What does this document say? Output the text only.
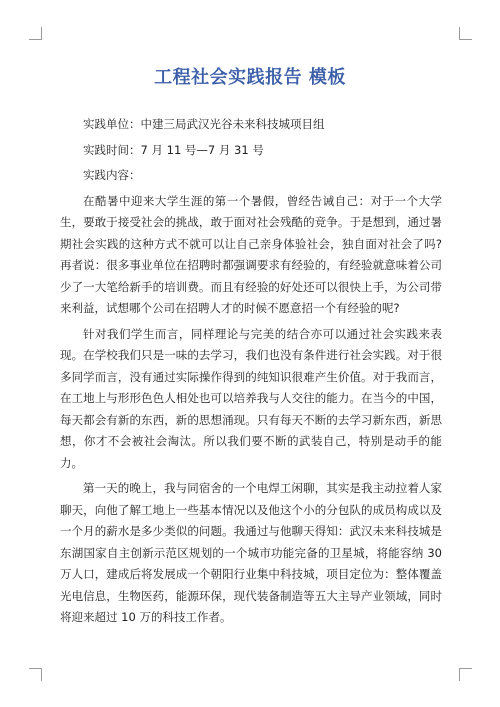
工程社会实践报告 模板

实践单位：中建三局武汉光谷未来科技城项目组

实践时间：7 月 11 号—7 月 31 号

实践内容：

在酷暑中迎来大学生涯的第一个暑假，曾经告诫自己：对于一个大学生，要敢于接受社会的挑战，敢于面对社会残酷的竞争。于是想到，通过暑期社会实践的这种方式不就可以让自己亲身体验社会，独自面对社会了吗?再者说：很多事业单位在招聘时都强调要求有经验的，有经验就意味着公司少了一大笔给新手的培训费。而且有经验的好处还可以很快上手，为公司带来利益，试想哪个公司在招聘人才的时候不愿意招一个有经验的呢?

针对我们学生而言，同样理论与完美的结合亦可以通过社会实践来表现。在学校我们只是一味的去学习，我们也没有条件进行社会实践。对于很多同学而言，没有通过实际操作得到的纯知识很难产生价值。对于我而言，在工地上与形形色色人相处也可以培养我与人交往的能力。在当今的中国，每天都会有新的东西，新的思想涌现。只有每天不断的去学习新东西，新思想，你才不会被社会淘汰。所以我们要不断的武装自己，特别是动手的能力。

第一天的晚上，我与同宿舍的一个电焊工闲聊，其实是我主动拉着人家聊天，向他了解工地上一些基本情况以及他这个小的分包队的成员构成以及一个月的薪水是多少类似的问题。我通过与他聊天得知：武汉未来科技城是东湖国家自主创新示范区规划的一个城市功能完备的卫星城，将能容纳 30 万人口，建成后将发展成一个朝阳行业集中科技城，项目定位为：整体覆盖光电信息，生物医药，能源环保，现代装备制造等五大主导产业领域，同时将迎来超过 10 万的科技工作者。
